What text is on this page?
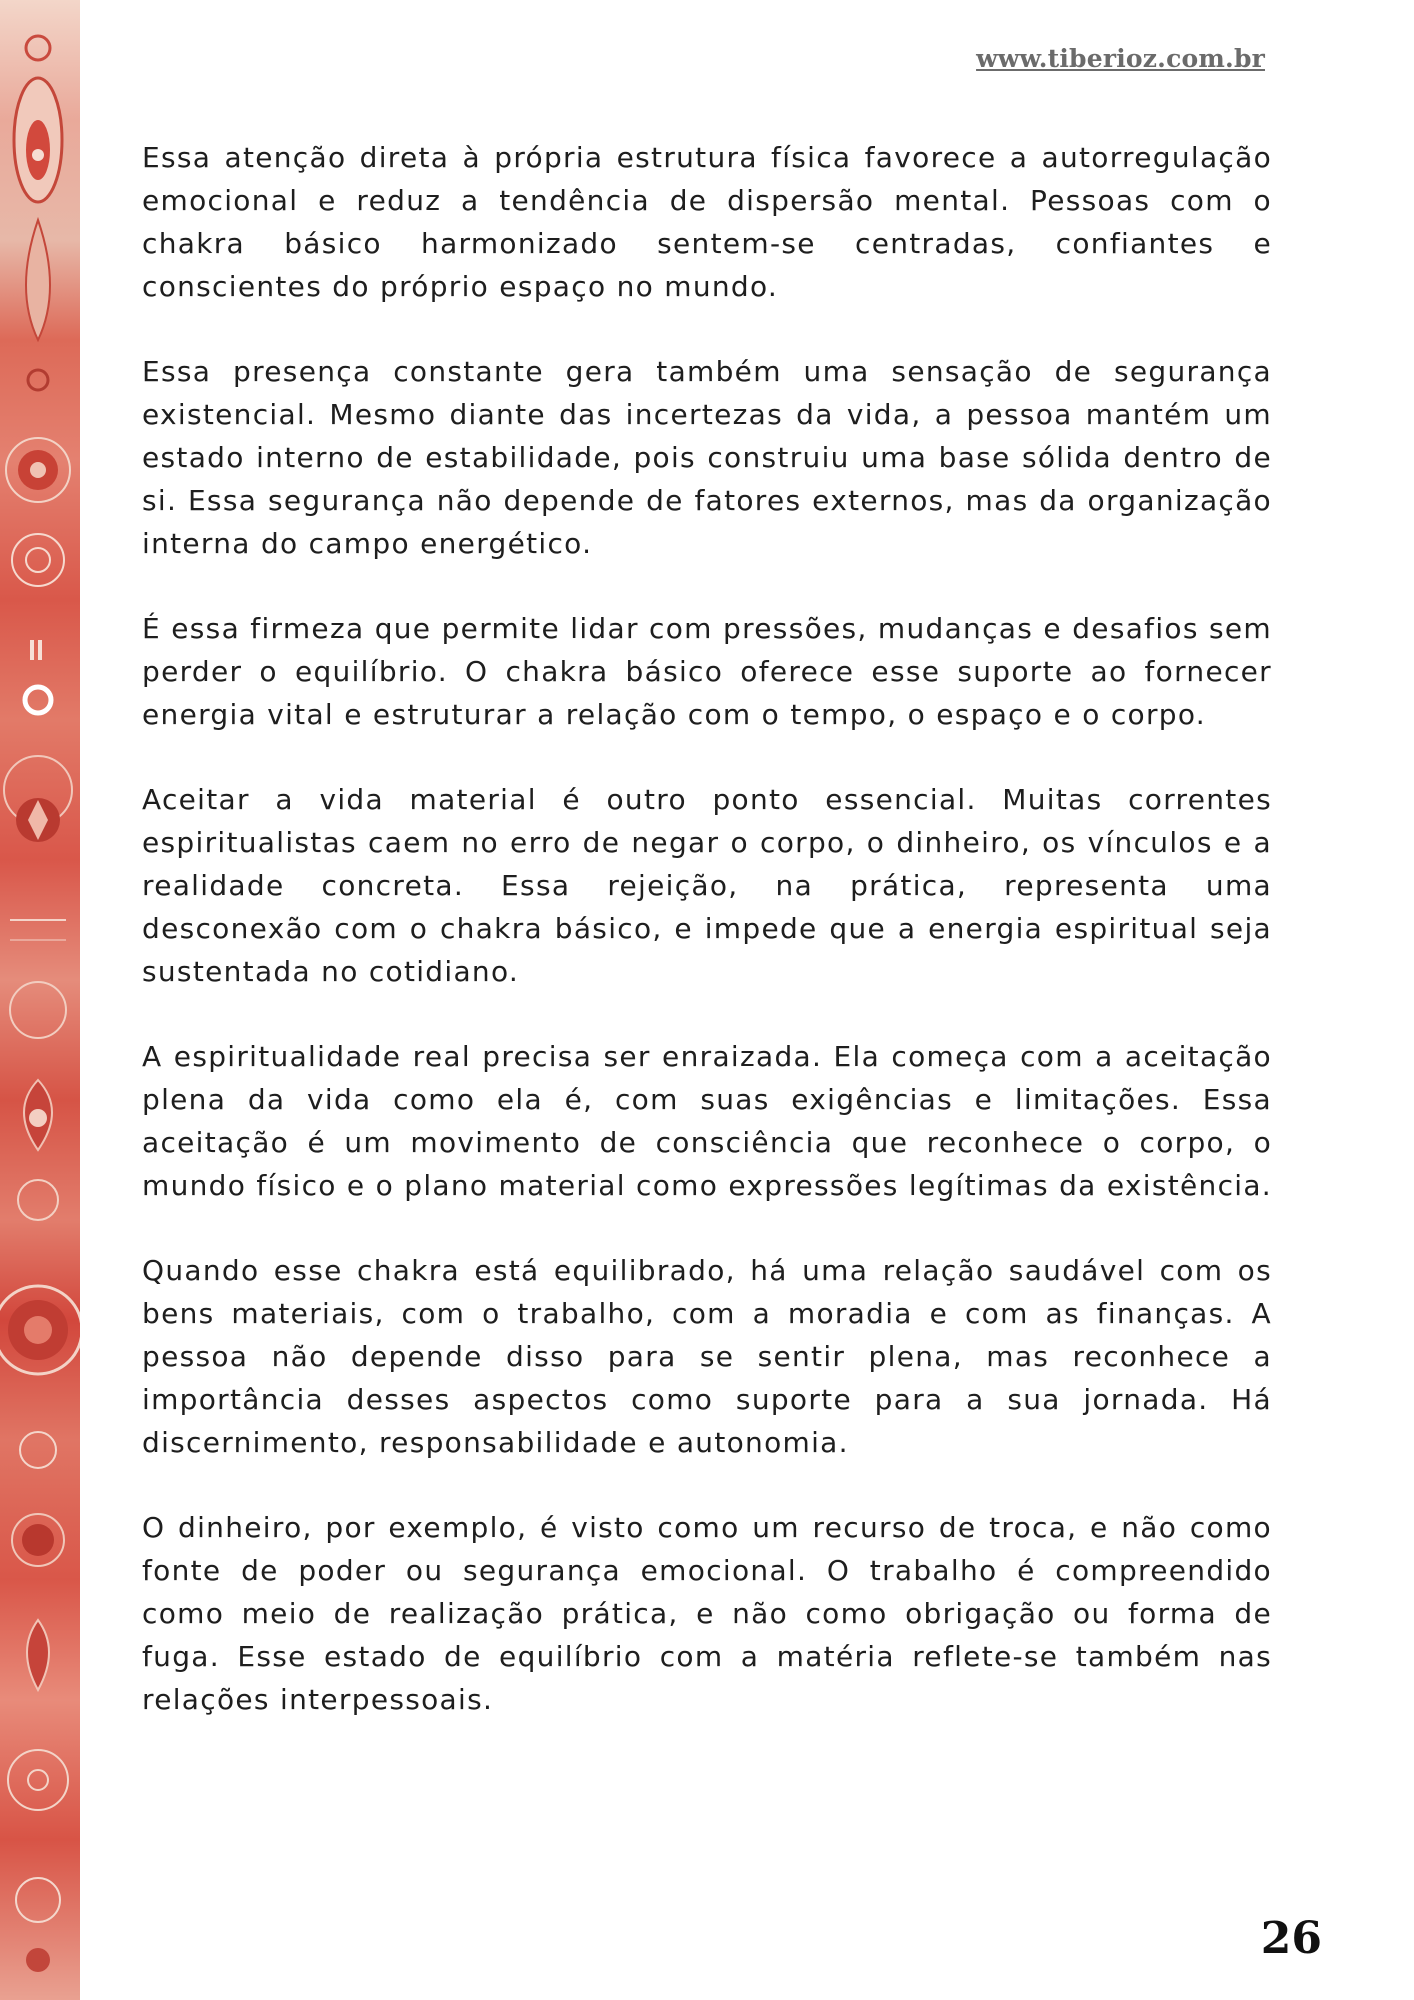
www.tiberioz.com.br

Essa atenção direta à própria estrutura física favorece a autorregulação emocional e reduz a tendência de dispersão mental. Pessoas com o chakra básico harmonizado sentem-se centradas, confiantes e conscientes do próprio espaço no mundo.

Essa presença constante gera também uma sensação de segurança existencial. Mesmo diante das incertezas da vida, a pessoa mantém um estado interno de estabilidade, pois construiu uma base sólida dentro de si. Essa segurança não depende de fatores externos, mas da organização interna do campo energético.

É essa firmeza que permite lidar com pressões, mudanças e desafios sem perder o equilíbrio. O chakra básico oferece esse suporte ao fornecer energia vital e estruturar a relação com o tempo, o espaço e o corpo.

Aceitar a vida material é outro ponto essencial. Muitas correntes espiritualistas caem no erro de negar o corpo, o dinheiro, os vínculos e a realidade concreta. Essa rejeição, na prática, representa uma desconexão com o chakra básico, e impede que a energia espiritual seja sustentada no cotidiano.

A espiritualidade real precisa ser enraizada. Ela começa com a aceitação plena da vida como ela é, com suas exigências e limitações. Essa aceitação é um movimento de consciência que reconhece o corpo, o mundo físico e o plano material como expressões legítimas da existência.

Quando esse chakra está equilibrado, há uma relação saudável com os bens materiais, com o trabalho, com a moradia e com as finanças. A pessoa não depende disso para se sentir plena, mas reconhece a importância desses aspectos como suporte para a sua jornada. Há discernimento, responsabilidade e autonomia.

O dinheiro, por exemplo, é visto como um recurso de troca, e não como fonte de poder ou segurança emocional. O trabalho é compreendido como meio de realização prática, e não como obrigação ou forma de fuga. Esse estado de equilíbrio com a matéria reflete-se também nas relações interpessoais.

26
